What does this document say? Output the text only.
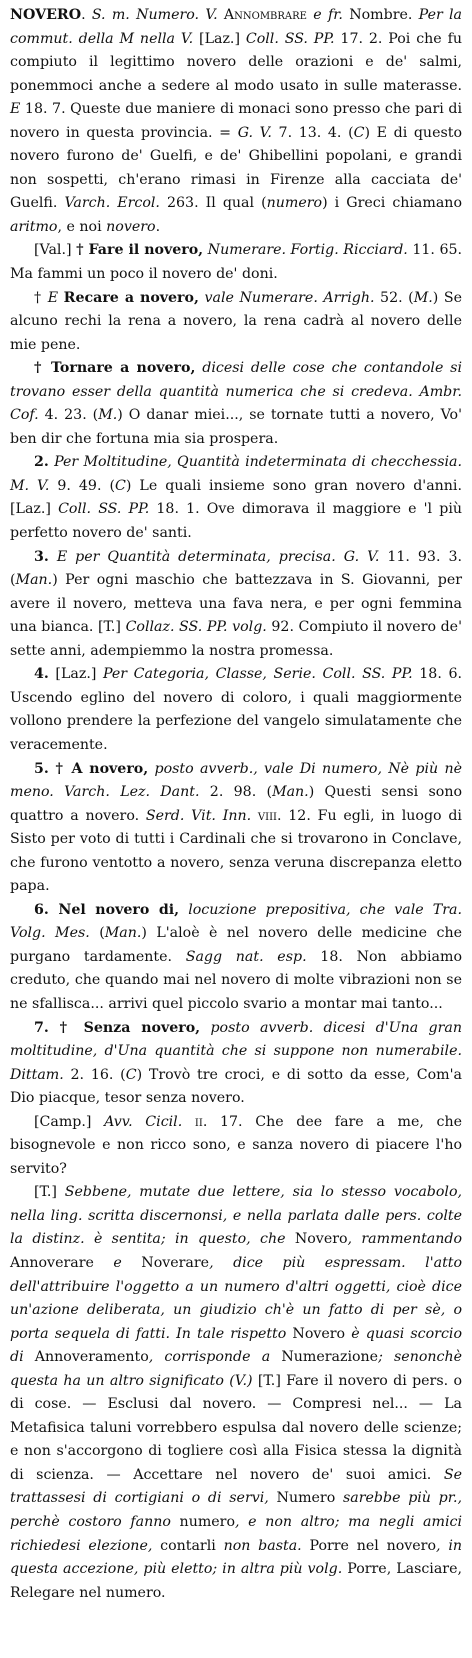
NOVERO. S. m. Numero. V. Annombrare e fr. Nombre. Per la commut. della M nella V. [Laz.] Coll. SS. PP. 17. 2. Poi che fu compiuto il legittimo novero delle orazioni e de' salmi, ponemmoci anche a sedere al modo usato in sulle materasse. E 18. 7. Queste due maniere di monaci sono presso che pari di novero in questa provincia. = G. V. 7. 13. 4. (C) E di questo novero furono de' Guelfi, e de' Ghibellini popolani, e grandi non sospetti, ch'erano rimasi in Firenze alla cacciata de' Guelfi. Varch. Ercol. 263. Il qual (numero) i Greci chiamano aritmo, e noi novero.

[Val.] † Fare il novero, Numerare. Fortig. Ricciard. 11. 65. Ma fammi un poco il novero de' doni.

† E Recare a novero, vale Numerare. Arrigh. 52. (M.) Se alcuno rechi la rena a novero, la rena cadrà al novero delle mie pene.

† Tornare a novero, dicesi delle cose che contandole si trovano esser della quantità numerica che si credeva. Ambr. Cof. 4. 23. (M.) O danar miei..., se tornate tutti a novero, Vo' ben dir che fortuna mia sia prospera.

2. Per Moltitudine, Quantità indeterminata di checchessia. M. V. 9. 49. (C) Le quali insieme sono gran novero d'anni. [Laz.] Coll. SS. PP. 18. 1. Ove dimorava il maggiore e 'l più perfetto novero de' santi.

3. E per Quantità determinata, precisa. G. V. 11. 93. 3. (Man.) Per ogni maschio che battezzava in S. Giovanni, per avere il novero, metteva una fava nera, e per ogni femmina una bianca. [T.] Collaz. SS. PP. volg. 92. Compiuto il novero de' sette anni, adempiemmo la nostra promessa.

4. [Laz.] Per Categoria, Classe, Serie. Coll. SS. PP. 18. 6. Uscendo eglino del novero di coloro, i quali maggiormente vollono prendere la perfezione del vangelo simulatamente che veracemente.

5. † A novero, posto avverb., vale Di numero, Nè più nè meno. Varch. Lez. Dant. 2. 98. (Man.) Questi sensi sono quattro a novero. Serd. Vit. Inn. viii. 12. Fu egli, in luogo di Sisto per voto di tutti i Cardinali che si trovarono in Conclave, che furono ventotto a novero, senza veruna discrepanza eletto papa.

6. Nel novero di, locuzione prepositiva, che vale Tra. Volg. Mes. (Man.) L'aloè è nel novero delle medicine che purgano tardamente. Sagg nat. esp. 18. Non abbiamo creduto, che quando mai nel novero di molte vibrazioni non se ne sfallisca... arrivi quel piccolo svario a montar mai tanto...

7. † Senza novero, posto avverb. dicesi d'Una gran moltitudine, d'Una quantità che si suppone non numerabile. Dittam. 2. 16. (C) Trovò tre croci, e di sotto da esse, Com'a Dio piacque, tesor senza novero.

[Camp.] Avv. Cicil. ii. 17. Che dee fare a me, che bisognevole e non ricco sono, e sanza novero di piacere l'ho servito?

[T.] Sebbene, mutate due lettere, sia lo stesso vocabolo, nella ling. scritta discernonsi, e nella parlata dalle pers. colte la distinz. è sentita; in questo, che Novero, rammentando Annoverare e Noverare, dice più espressam. l'atto dell'attribuire l'oggetto a un numero d'altri oggetti, cioè dice un'azione deliberata, un giudizio ch'è un fatto di per sè, o porta sequela di fatti. In tale rispetto Novero è quasi scorcio di Annoveramento, corrisponde a Numerazione; senonchè questa ha un altro significato (V.) [T.] Fare il novero di pers. o di cose. — Esclusi dal novero. — Compresi nel... — La Metafisica taluni vorrebbero espulsa dal novero delle scienze; e non s'accorgono di togliere così alla Fisica stessa la dignità di scienza. — Accettare nel novero de' suoi amici. Se trattassesi di cortigiani o di servi, Numero sarebbe più pr., perchè costoro fanno numero, e non altro; ma negli amici richiedesi elezione, contarli non basta. Porre nel novero, in questa accezione, più eletto; in altra più volg. Porre, Lasciare, Relegare nel numero.
